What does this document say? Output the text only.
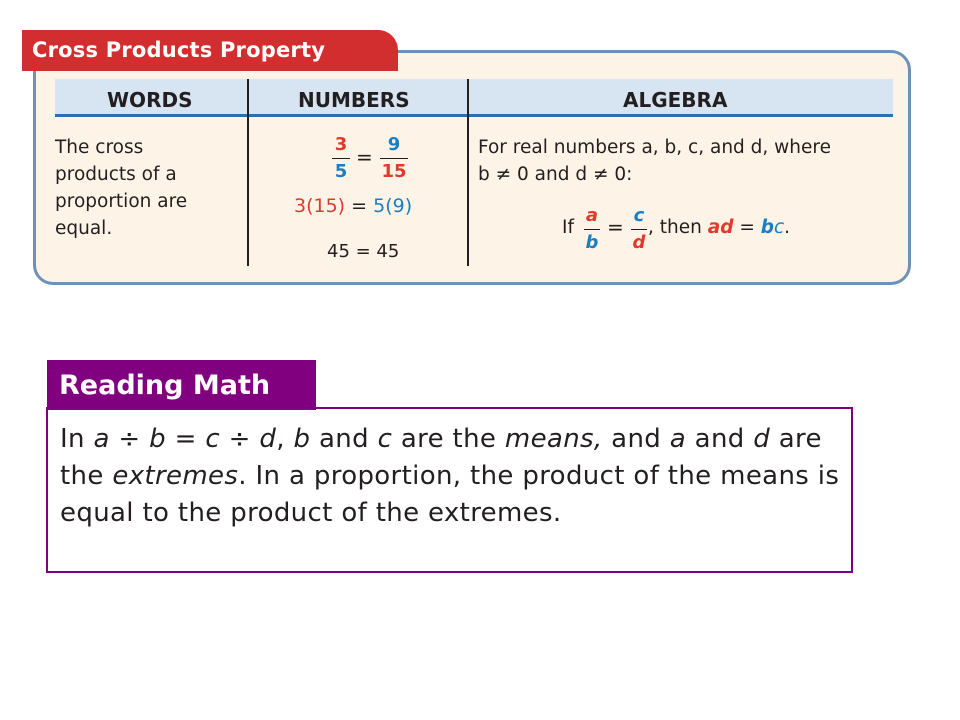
Cross Products Property
WORDS	NUMBERS	ALGEBRA
The cross
products of a
proportion are
equal.
3
5
=
9
15
3(15) = 5(9)
45 = 45
For real numbers a, b, c, and d, where
b ≠ 0 and d ≠ 0:
If
a
b
= c
d
, then ad = bc.
Reading Math
In a ÷ b = c ÷ d, b and c are the means, and a and d are the extremes. In a proportion, the product of the means is equal to the product of the extremes.
